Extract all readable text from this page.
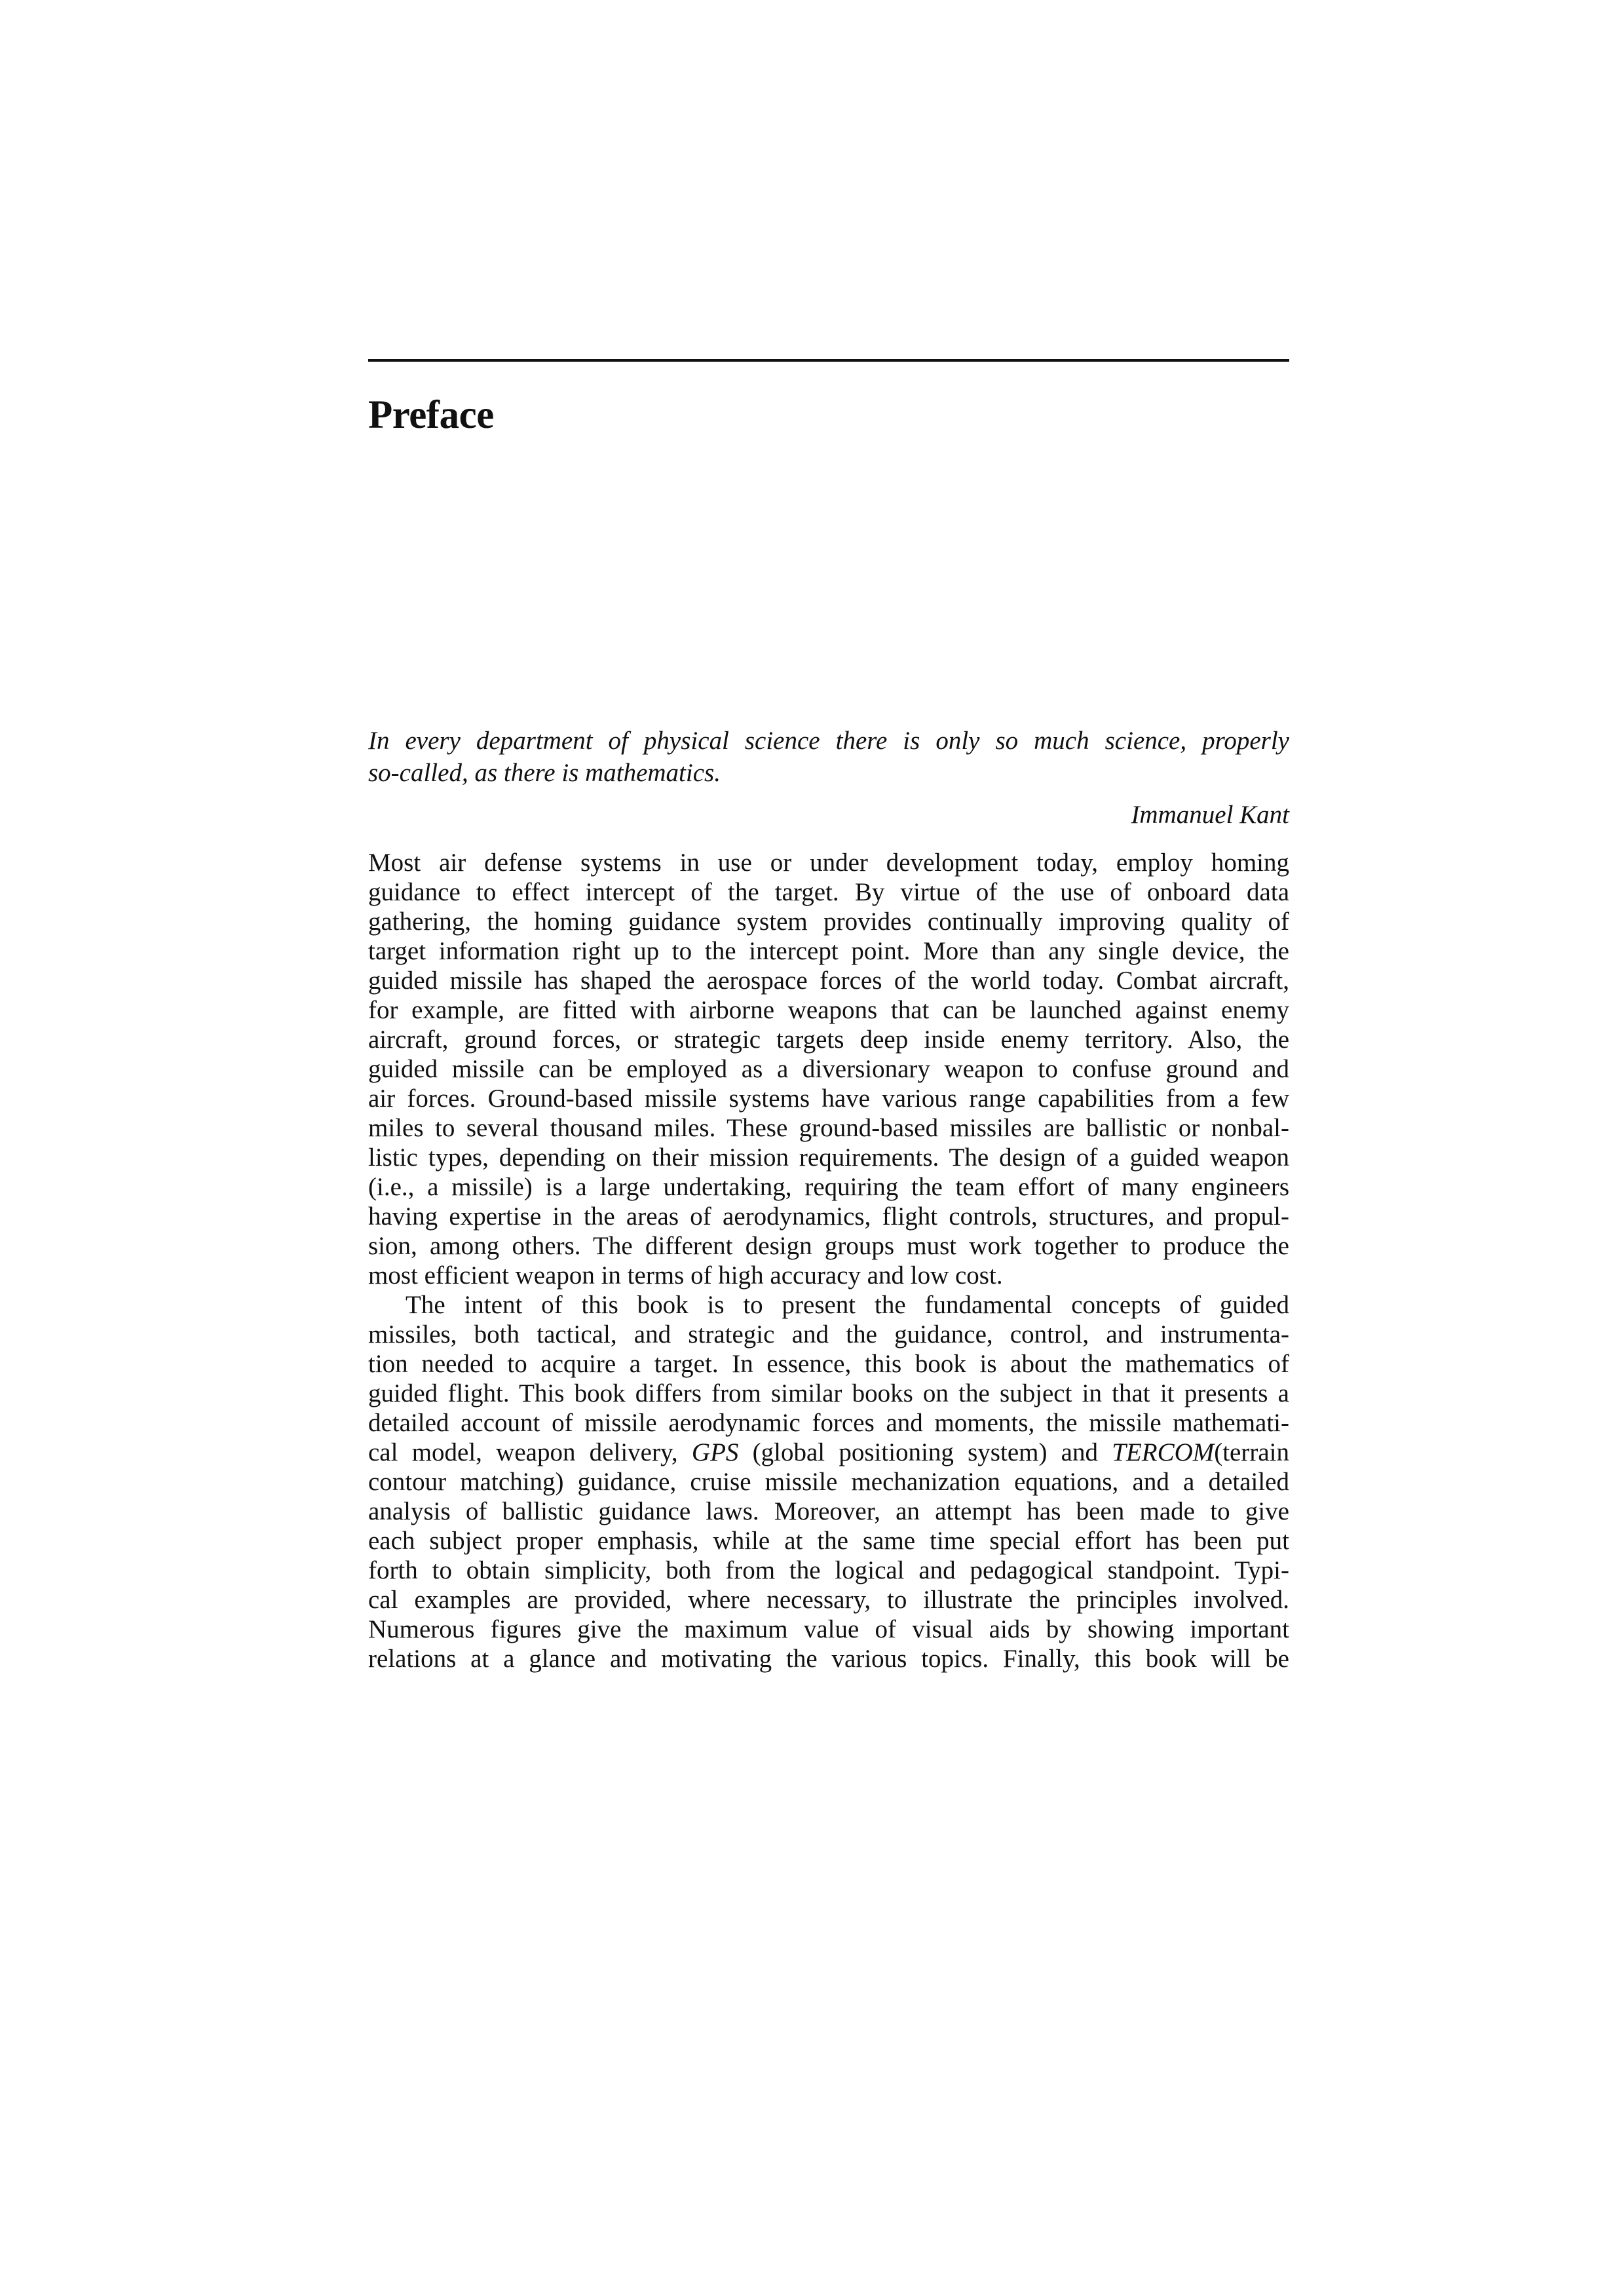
Preface
In every department of physical science there is only so much science, properly
so-called, as there is mathematics.
Immanuel Kant

Most air defense systems in use or under development today, employ homing
guidance to effect intercept of the target. By virtue of the use of onboard data
gathering, the homing guidance system provides continually improving quality of
target information right up to the intercept point. More than any single device, the
guided missile has shaped the aerospace forces of the world today. Combat aircraft,
for example, are fitted with airborne weapons that can be launched against enemy
aircraft, ground forces, or strategic targets deep inside enemy territory. Also, the
guided missile can be employed as a diversionary weapon to confuse ground and
air forces. Ground-based missile systems have various range capabilities from a few
miles to several thousand miles. These ground-based missiles are ballistic or nonbal-
listic types, depending on their mission requirements. The design of a guided weapon
(i.e., a missile) is a large undertaking, requiring the team effort of many engineers
having expertise in the areas of aerodynamics, flight controls, structures, and propul-
sion, among others. The different design groups must work together to produce the
most efficient weapon in terms of high accuracy and low cost.

The intent of this book is to present the fundamental concepts of guided
missiles, both tactical, and strategic and the guidance, control, and instrumenta-
tion needed to acquire a target. In essence, this book is about the mathematics of
guided flight. This book differs from similar books on the subject in that it presents a
detailed account of missile aerodynamic forces and moments, the missile mathemati-
cal model, weapon delivery, GPS (global positioning system) and TERCOM(terrain
contour matching) guidance, cruise missile mechanization equations, and a detailed
analysis of ballistic guidance laws. Moreover, an attempt has been made to give
each subject proper emphasis, while at the same time special effort has been put
forth to obtain simplicity, both from the logical and pedagogical standpoint. Typi-
cal examples are provided, where necessary, to illustrate the principles involved.
Numerous figures give the maximum value of visual aids by showing important
relations at a glance and motivating the various topics. Finally, this book will be
